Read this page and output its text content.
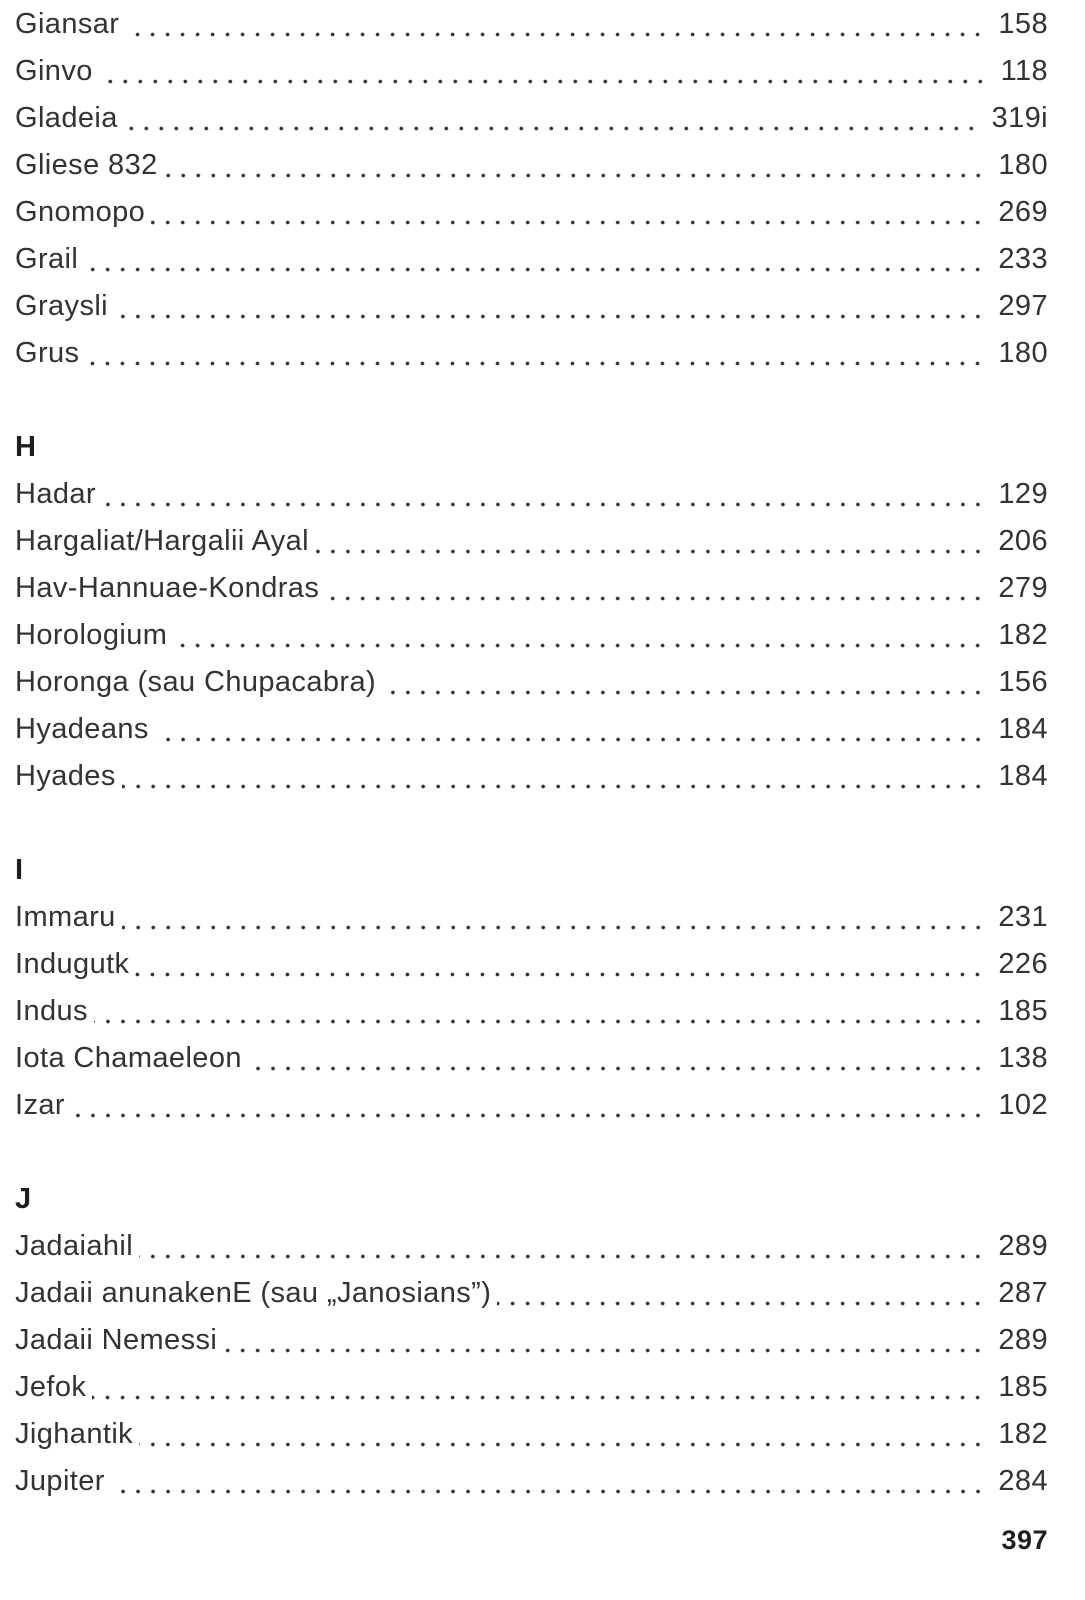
Giansar	158
Ginvo	118
Gladeia	319i
Gliese 832	180
Gnomopo	269
Grail	233
Graysli	297
Grus	180
H
Hadar	129
Hargaliat/Hargalii Ayal	206
Hav-Hannuae-Kondras	279
Horologium	182
Horonga (sau Chupacabra)	156
Hyadeans	184
Hyades	184
I
Immaru	231
Indugutk	226
Indus	185
Iota Chamaeleon	138
Izar	102
J
Jadaiahil	289
Jadaii anunakenE (sau „Janosians”)	287
Jadaii Nemessi	289
Jefok	185
Jighantik	182
Jupiter	284
397
